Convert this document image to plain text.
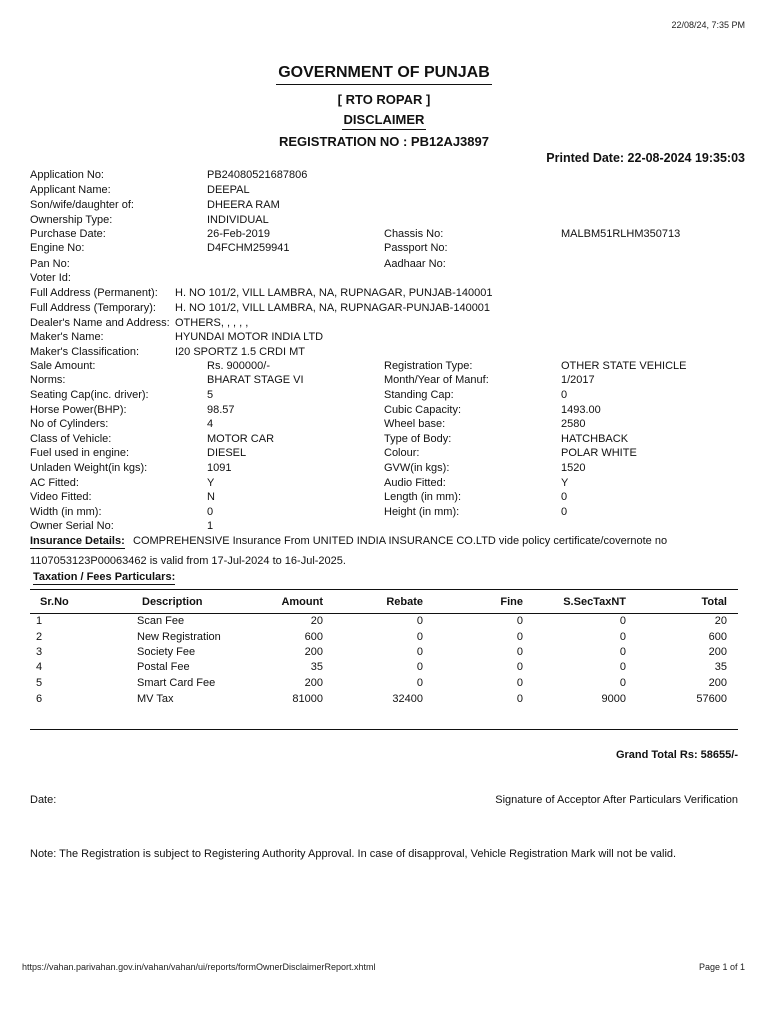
22/08/24, 7:35 PM
GOVERNMENT OF PUNJAB
[ RTO ROPAR ]
DISCLAIMER
REGISTRATION NO : PB12AJ3897
Printed Date: 22-08-2024 19:35:03
Application No:	PB24080521687806
Applicant Name:	DEEPAL
Son/wife/daughter of:	DHEERA RAM
Ownership Type:	INDIVIDUAL
Purchase Date:	26-Feb-2019	Chassis No:	MALBM51RLHM350713
Engine No:	D4FCHM259941	Passport No:
Pan No:	Aadhaar No:
Voter Id:
Full Address (Permanent): H. NO 101/2, VILL LAMBRA, NA, RUPNAGAR, PUNJAB-140001
Full Address (Temporary): H. NO 101/2, VILL LAMBRA, NA, RUPNAGAR-PUNJAB-140001
Dealer's Name and Address: OTHERS, , , , ,
Maker's Name:	HYUNDAI MOTOR INDIA LTD
Maker's Classification:	I20 SPORTZ 1.5 CRDI MT
Sale Amount:	Rs. 900000/-	Registration Type:	OTHER STATE VEHICLE
Norms:	BHARAT STAGE VI	Month/Year of Manuf:	1/2017
Seating Cap(inc. driver):	5	Standing Cap:	0
Horse Power(BHP):	98.57	Cubic Capacity:	1493.00
No of Cylinders:	4	Wheel base:	2580
Class of Vehicle:	MOTOR CAR	Type of Body:	HATCHBACK
Fuel used in engine:	DIESEL	Colour:	POLAR WHITE
Unladen Weight(in kgs):	1091	GVW(in kgs):	1520
AC Fitted:	Y	Audio Fitted:	Y
Video Fitted:	N	Length (in mm):	0
Width (in mm):	0	Height (in mm):	0
Owner Serial No:	1
Insurance Details: COMPREHENSIVE Insurance From UNITED INDIA INSURANCE CO.LTD vide policy certificate/covernote no
1107053123P00063462 is valid from 17-Jul-2024 to 16-Jul-2025.
Taxation / Fees Particulars:
Sr.No	Description	Amount	Rebate	Fine	S.SecTaxNT	Total
1	Scan Fee	20	0	0	0	20
2	New Registration	600	0	0	0	600
3	Society Fee	200	0	0	0	200
4	Postal Fee	35	0	0	0	35
5	Smart Card Fee	200	0	0	0	200
6	MV Tax	81000	32400	0	9000	57600
Grand Total Rs: 58655/-
Date:	Signature of Acceptor After Particulars Verification
Note: The Registration is subject to Registering Authority Approval. In case of disapproval, Vehicle Registration Mark will not be valid.
https://vahan.parivahan.gov.in/vahan/vahan/ui/reports/formOwnerDisclaimerReport.xhtml	Page 1 of 1
